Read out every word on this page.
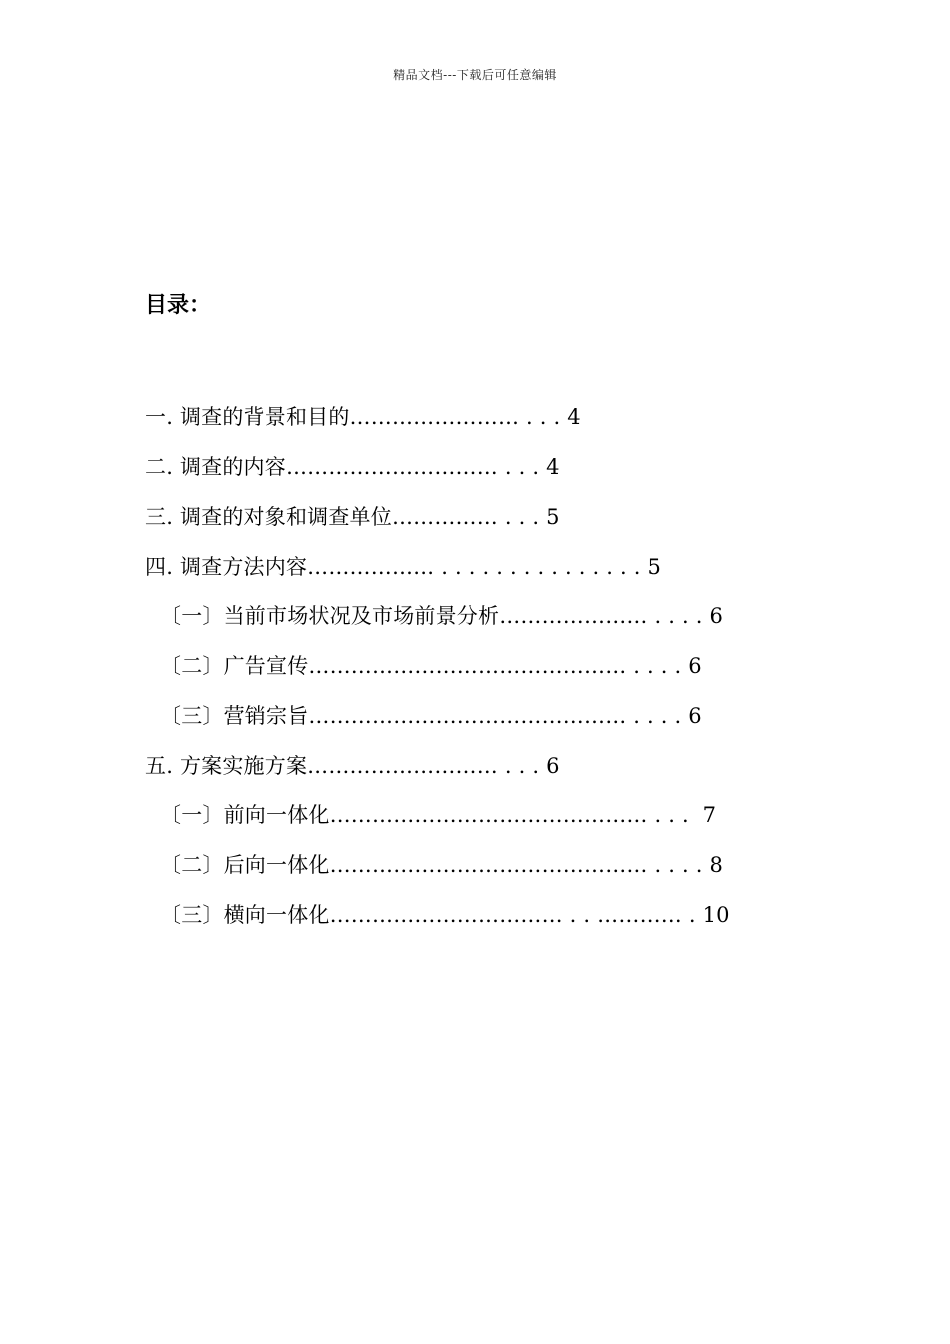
精品文档---下载后可任意编辑
目录：
一. 调查的背景和目的…………………… . . . 4
二. 调查的内容………………………… . . . 4
三. 调查的对象和调查单位…………… . . . 5
四. 调查方法内容……………… . . . . . . . . . . . . . . . 5
〔一〕当前市场状况及市场前景分析………………… . . . . 6
〔二〕广告宣传……………………………………… . . . . 6
〔三〕营销宗旨……………………………………… . . . . 6
五. 方案实施方案……………………… . . . 6
〔一〕前向一体化……………………………………… . . .  7
〔二〕后向一体化……………………………………… . . . . 8
〔三〕横向一体化…………………………… . . ………… . 10
